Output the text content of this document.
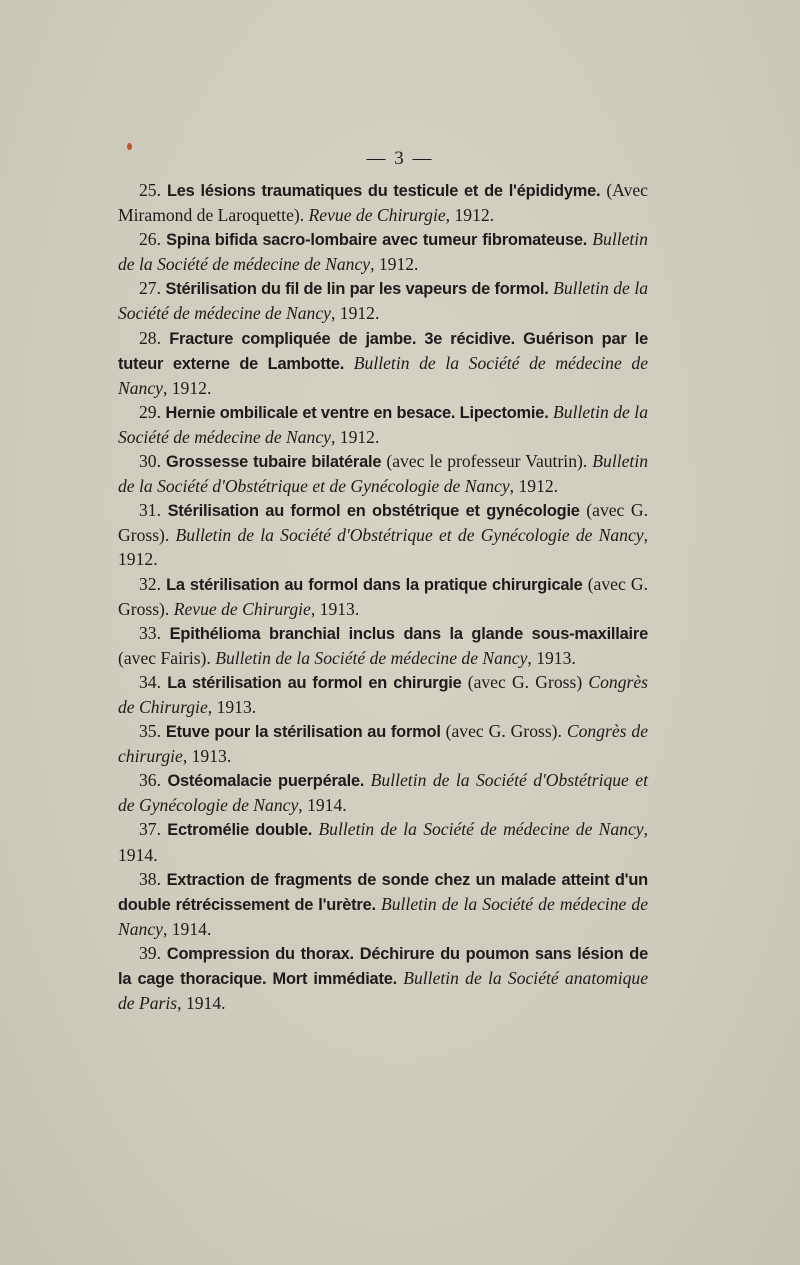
— 3 —

25. Les lésions traumatiques du testicule et de l'épididyme. (Avec Miramond de Laroquette). Revue de Chirurgie, 1912.

26. Spina bifida sacro-lombaire avec tumeur fibromateuse. Bulletin de la Société de médecine de Nancy, 1912.

27. Stérilisation du fil de lin par les vapeurs de formol. Bulletin de la Société de médecine de Nancy, 1912.

28. Fracture compliquée de jambe. 3e récidive. Guérison par le tuteur externe de Lambotte. Bulletin de la Société de médecine de Nancy, 1912.

29. Hernie ombilicale et ventre en besace. Lipectomie. Bulletin de la Société de médecine de Nancy, 1912.

30. Grossesse tubaire bilatérale (avec le professeur Vautrin). Bulletin de la Société d'Obstétrique et de Gynécologie de Nancy, 1912.

31. Stérilisation au formol en obstétrique et gynécologie (avec G. Gross). Bulletin de la Société d'Obstétrique et de Gynécologie de Nancy, 1912.

32. La stérilisation au formol dans la pratique chirurgicale (avec G. Gross). Revue de Chirurgie, 1913.

33. Epithélioma branchial inclus dans la glande sous-maxillaire (avec Fairis). Bulletin de la Société de médecine de Nancy, 1913.

34. La stérilisation au formol en chirurgie (avec G. Gross) Congrès de Chirurgie, 1913.

35. Etuve pour la stérilisation au formol (avec G. Gross). Congrès de chirurgie, 1913.

36. Ostéomalacie puerpérale. Bulletin de la Société d'Obstétrique et de Gynécologie de Nancy, 1914.

37. Ectromélie double. Bulletin de la Société de médecine de Nancy, 1914.

38. Extraction de fragments de sonde chez un malade atteint d'un double rétrécissement de l'urètre. Bulletin de la Société de médecine de Nancy, 1914.

39. Compression du thorax. Déchirure du poumon sans lésion de la cage thoracique. Mort immédiate. Bulletin de la Société anatomique de Paris, 1914.
